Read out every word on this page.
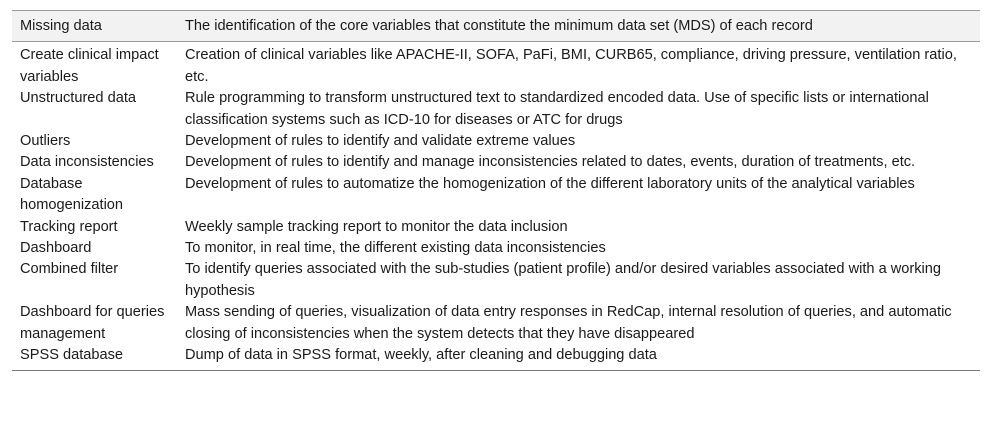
Missing data	The identification of the core variables that constitute the minimum data set (MDS) of each record
Create clinical impact variables	Creation of clinical variables like APACHE-II, SOFA, PaFi, BMI, CURB65, compliance, driving pressure, ventilation ratio, etc.
Unstructured data	Rule programming to transform unstructured text to standardized encoded data. Use of specific lists or international classification systems such as ICD-10 for diseases or ATC for drugs
Outliers	Development of rules to identify and validate extreme values
Data inconsistencies	Development of rules to identify and manage inconsistencies related to dates, events, duration of treatments, etc.
Database homogenization	Development of rules to automatize the homogenization of the different laboratory units of the analytical variables
Tracking report	Weekly sample tracking report to monitor the data inclusion
Dashboard	To monitor, in real time, the different existing data inconsistencies
Combined filter	To identify queries associated with the sub-studies (patient profile) and/or desired variables associated with a working hypothesis
Dashboard for queries management	Mass sending of queries, visualization of data entry responses in RedCap, internal resolution of queries, and automatic closing of inconsistencies when the system detects that they have disappeared
SPSS database	Dump of data in SPSS format, weekly, after cleaning and debugging data
